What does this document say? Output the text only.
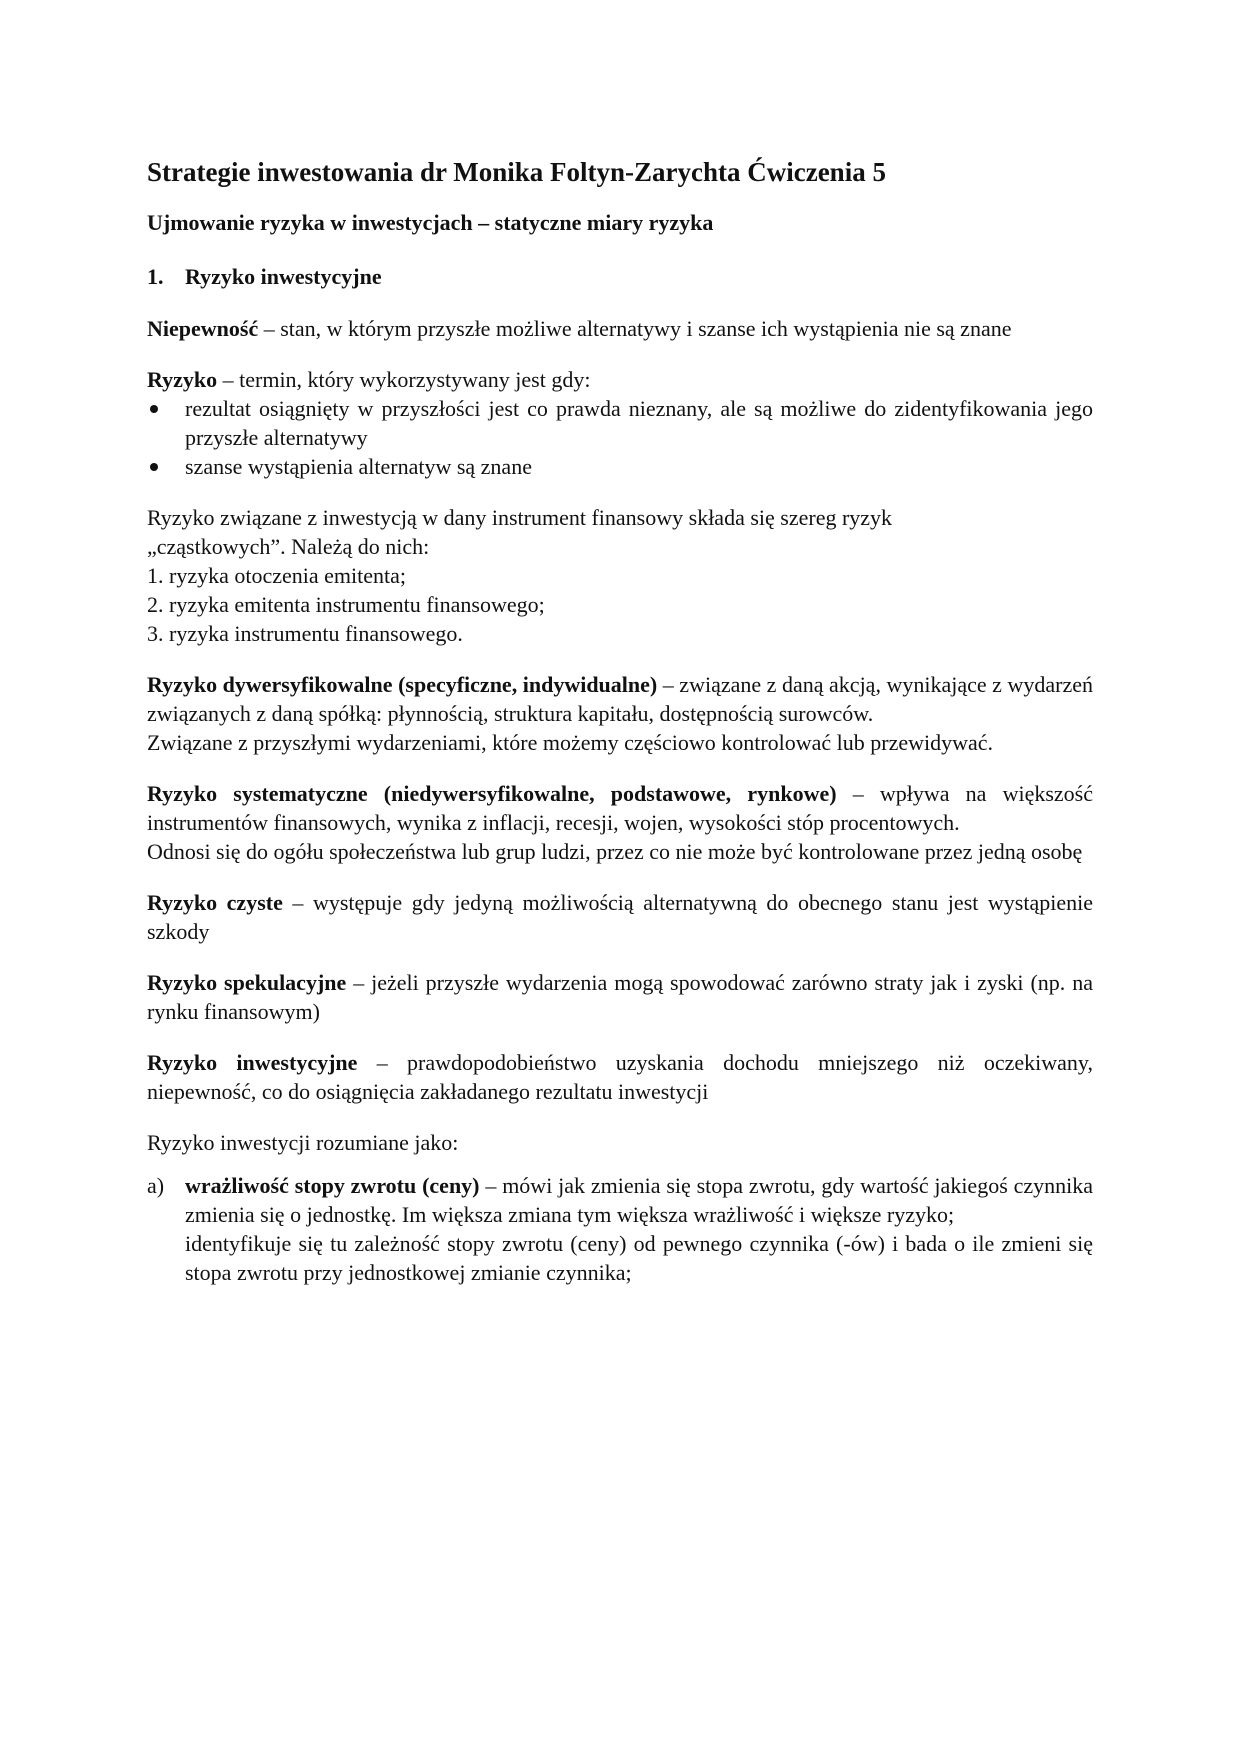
Strategie inwestowania dr Monika Foltyn-Zarychta Ćwiczenia 5
Ujmowanie ryzyka w inwestycjach – statyczne miary ryzyka
1. Ryzyko inwestycyjne

Niepewność – stan, w którym przyszłe możliwe alternatywy i szanse ich wystąpienia nie są znane

Ryzyko – termin, który wykorzystywany jest gdy:

rezultat osiągnięty w przyszłości jest co prawda nieznany, ale są możliwe do zidentyfikowania jego przyszłe alternatywy
szanse wystąpienia alternatyw są znane
Ryzyko związane z inwestycją w dany instrument finansowy składa się szereg ryzyk „cząstkowych”. Należą do nich:
1. ryzyka otoczenia emitenta;
2. ryzyka emitenta instrumentu finansowego;
3. ryzyka instrumentu finansowego.

Ryzyko dywersyfikowalne (specyficzne, indywidualne) – związane z daną akcją, wynikające z wydarzeń związanych z daną spółką: płynnością, struktura kapitału, dostępnością surowców.

Związane z przyszłymi wydarzeniami, które możemy częściowo kontrolować lub przewidywać.

Ryzyko systematyczne (niedywersyfikowalne, podstawowe, rynkowe) – wpływa na większość instrumentów finansowych, wynika z inflacji, recesji, wojen, wysokości stóp procentowych.

Odnosi się do ogółu społeczeństwa lub grup ludzi, przez co nie może być kontrolowane przez jedną osobę

Ryzyko czyste – występuje gdy jedyną możliwością alternatywną do obecnego stanu jest wystąpienie szkody

Ryzyko spekulacyjne – jeżeli przyszłe wydarzenia mogą spowodować zarówno straty jak i zyski (np. na rynku finansowym)

Ryzyko inwestycyjne – prawdopodobieństwo uzyskania dochodu mniejszego niż oczekiwany, niepewność, co do osiągnięcia zakładanego rezultatu inwestycji

Ryzyko inwestycji rozumiane jako:
a) wrażliwość stopy zwrotu (ceny) – mówi jak zmienia się stopa zwrotu, gdy wartość jakiegoś czynnika zmienia się o jednostkę. Im większa zmiana tym większa wrażliwość i większe ryzyko;

identyfikuje się tu zależność stopy zwrotu (ceny) od pewnego czynnika (-ów) i bada o ile zmieni się stopa zwrotu przy jednostkowej zmianie czynnika;
